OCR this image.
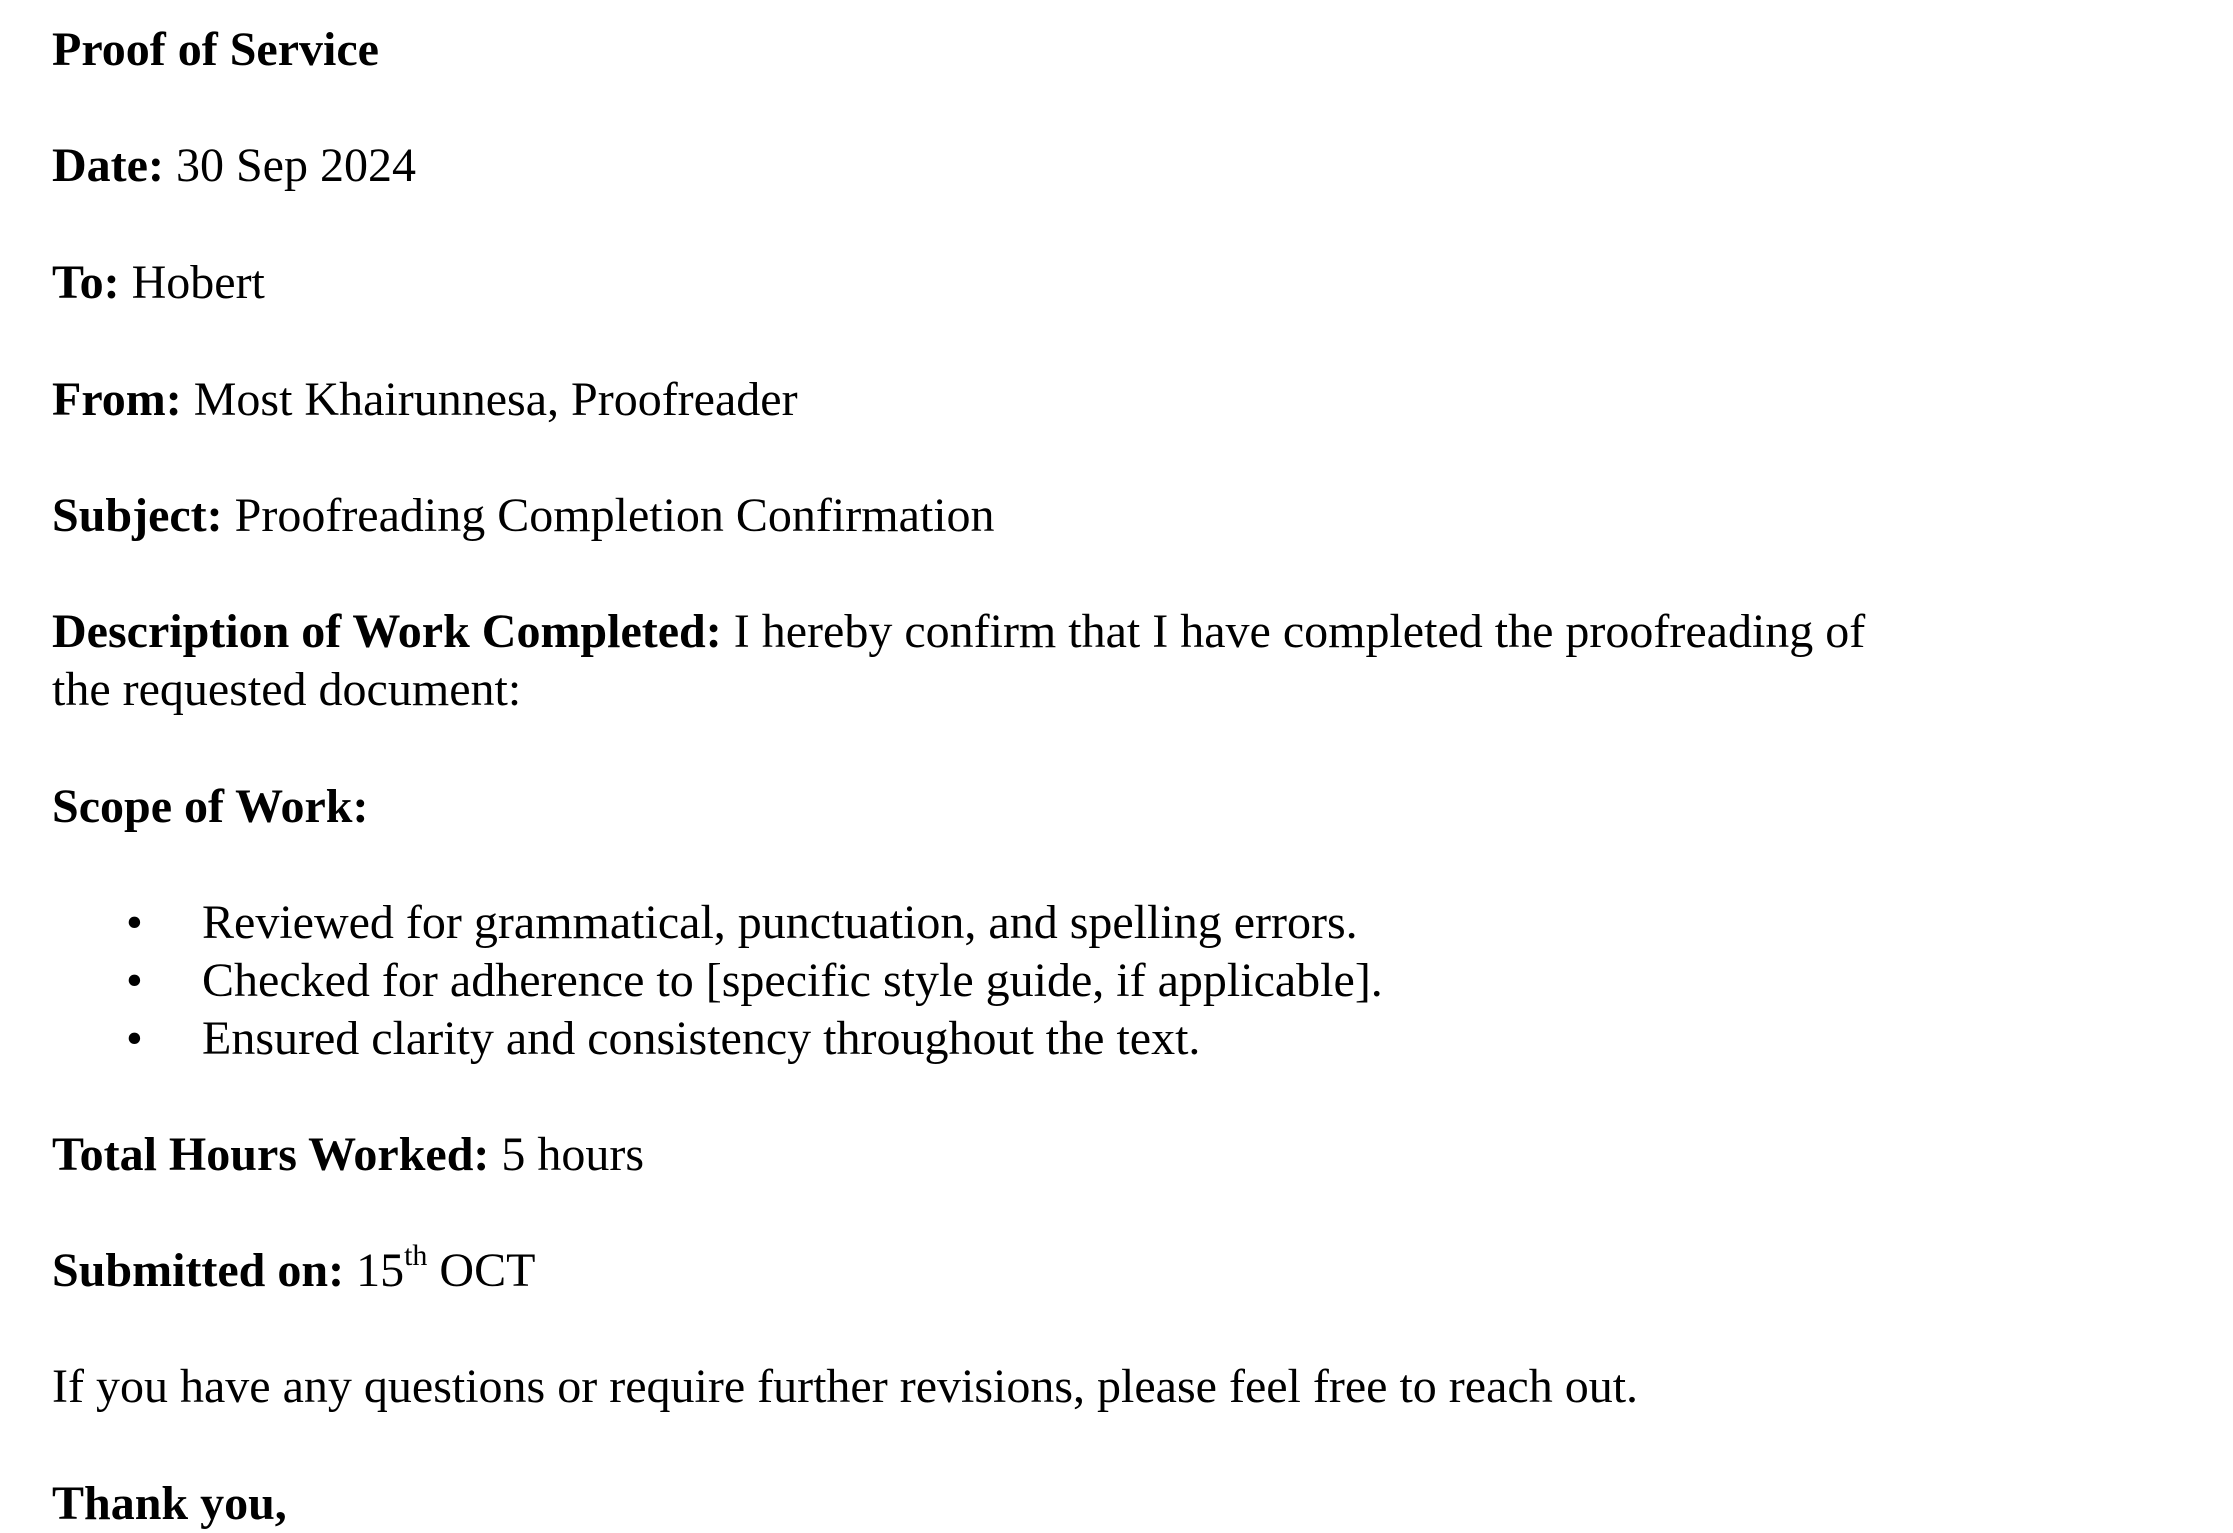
Proof of Service

Date: 30 Sep 2024

To: Hobert

From: Most Khairunnesa, Proofreader

Subject: Proofreading Completion Confirmation

Description of Work Completed: I hereby confirm that I have completed the proofreading of the requested document:

Scope of Work:

• Reviewed for grammatical, punctuation, and spelling errors.
• Checked for adherence to [specific style guide, if applicable].
• Ensured clarity and consistency throughout the text.

Total Hours Worked: 5 hours

Submitted on: 15th OCT

If you have any questions or require further revisions, please feel free to reach out.

Thank you,
